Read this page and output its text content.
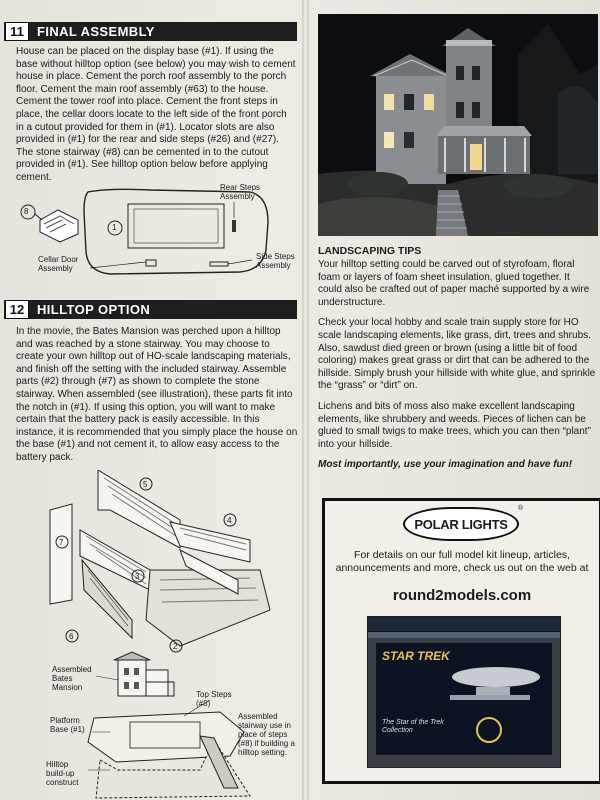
11	FINAL ASSEMBLY

House can be placed on the display base (#1). If using the base without hilltop option (see below) you may wish to cement house in place. Cement the porch roof assembly to the porch floor. Cement the main roof assembly (#63) to the house. Cement the tower roof into place. Cement the front steps in place, the cellar doors locate to the left side of the front porch in a cutout provided for them in (#1). Locator slots are also provided in (#1) for the rear and side steps (#26) and (#27). The stone stairway (#8) can be cemented in to the cutout provided in (#1). See hilltop option below before applying cement.

8
1
Rear Steps Assembly
Cellar Door Assembly
Side Steps Assembly
12 HILLTOP OPTION

In the movie, the Bates Mansion was perched upon a hilltop and was reached by a stone stairway. You may choose to create your own hilltop out of HO-scale landscaping materials, and finish off the setting with the included stairway. Assemble parts (#2) through (#7) as shown to complete the stone stairway. When assembled (see illustration), these parts fit into the notch in (#1). If using this option, you will want to make certain that the battery pack is easily accessible. In this instance, it is recommended that you simply place the house on the base (#1) and not cement it, to allow easy access to the battery pack.

5
4
7
3
6
2
Assembled Bates Mansion
Top Steps (#8)
Platform Base (#1)
Assembled stairway use in place of steps (#8) if building a hilltop setting.
Hilltop build-up construct
LANDSCAPING TIPS

Your hilltop setting could be carved out of styrofoam, floral foam or layers of foam sheet insulation, glued together. It could also be crafted out of paper maché supported by a wire understructure.

Check your local hobby and scale train supply store for HO scale landscaping elements, like grass, dirt, trees and shrubs. Also, sawdust died green or brown (using a little bit of food coloring) makes great grass or dirt that can be adhered to the hillside. Simply brush your hillside with white glue, and sprinkle the “grass” or “dirt” on.

Lichens and bits of moss also make excellent landscaping elements, like shrubbery and weeds. Pieces of lichen can be glued to small twigs to make trees, which you can then “plant” into your hillside.

Most importantly, use your imagination and have fun!

POLAR LIGHTS
®
For details on our full model kit lineup, articles, announcements and more, check us out on the web at
round2models.com
STAR TREK
The Star of the Trek Collection
